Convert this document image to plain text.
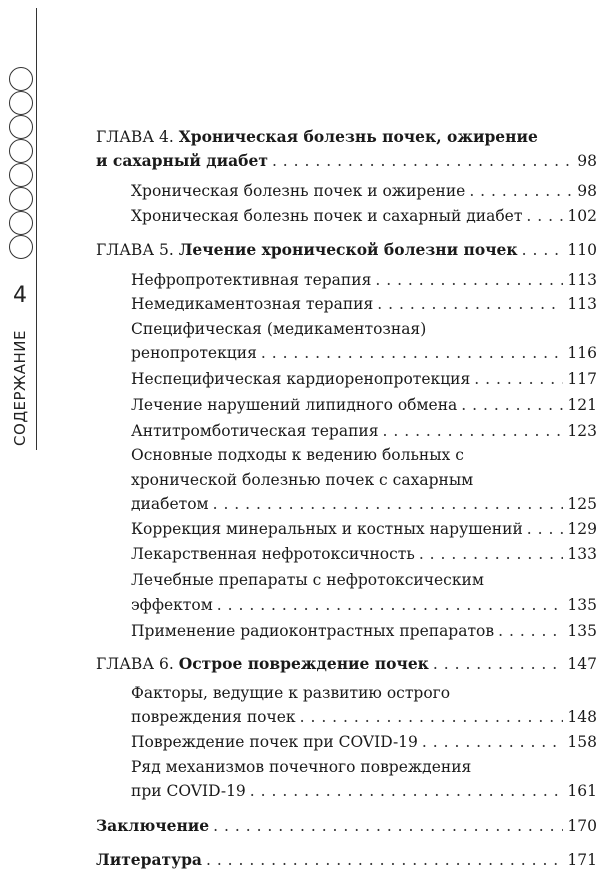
4
СОДЕРЖАНИЕ
ГЛАВА 4. Хроническая болезнь почек, ожирение
и сахарный диабет . . .	98
Хроническая болезнь почек и ожирение . . .	98
Хроническая болезнь почек и сахарный диабет . . .	102
ГЛАВА 5. Лечение хронической болезни почек . . .	110
Нефропротективная терапия . . .	113
Немедикаментозная терапия . . .	113
Специфическая (медикаментозная)
ренопротекция . . .	116
Неспецифическая кардиоренопротекция . . .	117
Лечение нарушений липидного обмена . . .	121
Антитромботическая терапия . . .	123
Основные подходы к ведению больных с
хронической болезнью почек с сахарным
диабетом . . .	125
Коррекция минеральных и костных нарушений . . .	129
Лекарственная нефротоксичность . . .	133
Лечебные препараты с нефротоксическим
эффектом . . .	135
Применение радиоконтрастных препаратов . . .	135
ГЛАВА 6. Острое повреждение почек . . .	147
Факторы, ведущие к развитию острого
повреждения почек . . .	148
Повреждение почек при COVID-19 . . .	158
Ряд механизмов почечного повреждения
при COVID-19 . . .	161
Заключение . . .	170
Литература . . .	171
